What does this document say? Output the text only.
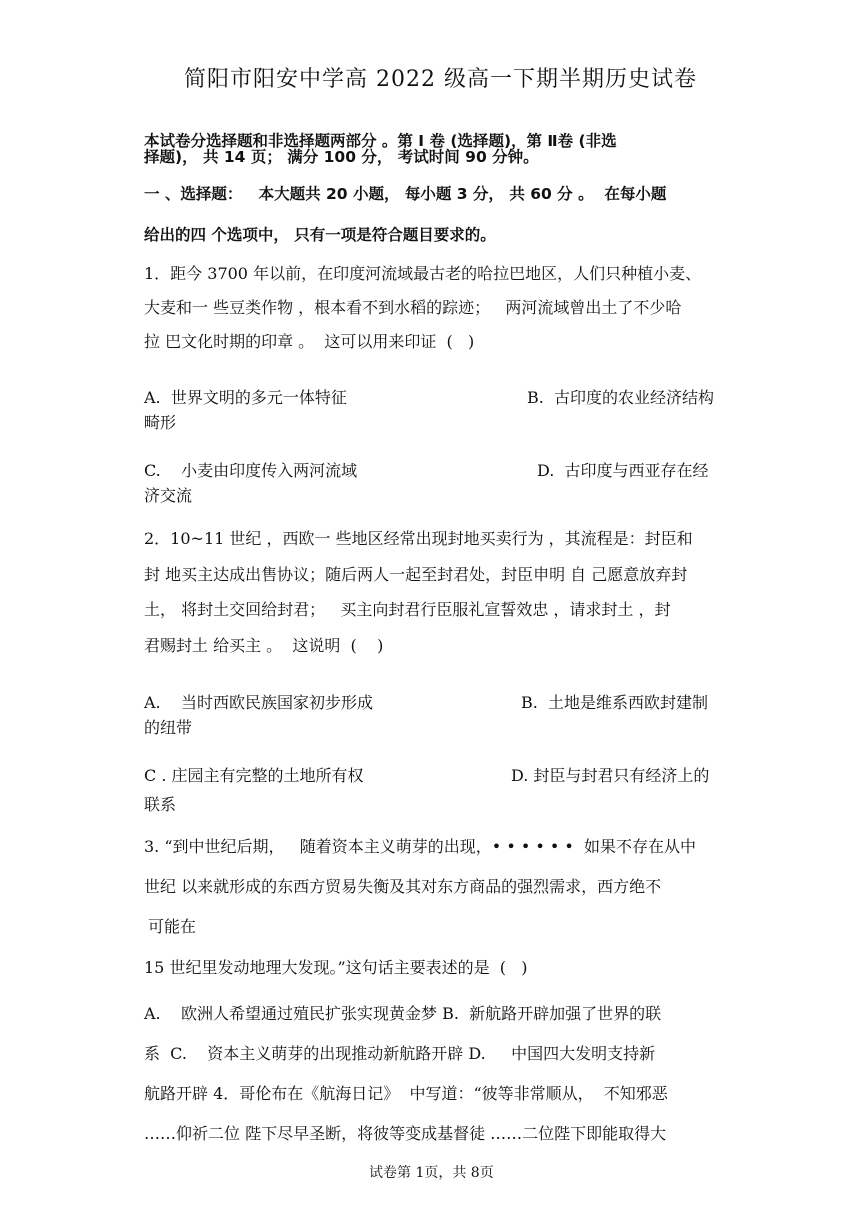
简阳市阳安中学高 2022 级高一下期半期历史试卷
本试卷分选择题和非选择题两部分 。第 Ⅰ 卷 (选择题)，第 Ⅱ卷 (非选
择题)， 共 14 页； 满分 100 分， 考试时间 90 分钟。
一 、选择题：   本大题共 20 小题， 每小题 3 分， 共 60 分 。  在每小题
给出的四 个选项中， 只有一项是符合题目要求的。
1．距今 3700 年以前，在印度河流域最古老的哈拉巴地区，人们只种植小麦、
大麦和一 些豆类作物 ，根本看不到水稻的踪迹；   两河流域曾出土了不少哈
拉 巴文化时期的印章 。  这可以用来印证  (   )
A.  世界文明的多元一体特征	B.  古印度的农业经济结构
畸形
C.    小麦由印度传入两河流域	D.  古印度与西亚存在经
济交流
2．10~11 世纪 ，西欧一 些地区经常出现封地买卖行为 ，其流程是：封臣和
封 地买主达成出售协议；随后两人一起至封君处，封臣申明 自 己愿意放弃封
土， 将封土交回给封君；   买主向封君行臣服礼宣誓效忠 ，请求封土 ，封
君赐封土 给买主 。  这说明  (    )
A.    当时西欧民族国家初步形成	B.  土地是维系西欧封建制
的纽带
C . 庄园主有完整的土地所有权	D. 封臣与封君只有经济上的
联系
3. “到中世纪后期，   随着资本主义萌芽的出现，• • • • • •  如果不存在从中
世纪 以来就形成的东西方贸易失衡及其对东方商品的强烈需求，西方绝不
可能在
15 世纪里发动地理大发现。”这句话主要表述的是  (   )
A.    欧洲人希望通过殖民扩张实现黄金梦 B.  新航路开辟加强了世界的联
系  C.    资本主义萌芽的出现推动新航路开辟 D.     中国四大发明支持新
航路开辟 4．哥伦布在《航海日记》  中写道：“彼等非常顺从，  不知邪恶
……仰祈二位 陛下尽早圣断，将彼等变成基督徒 ……二位陛下即能取得大
试卷第 1页，共 8页
